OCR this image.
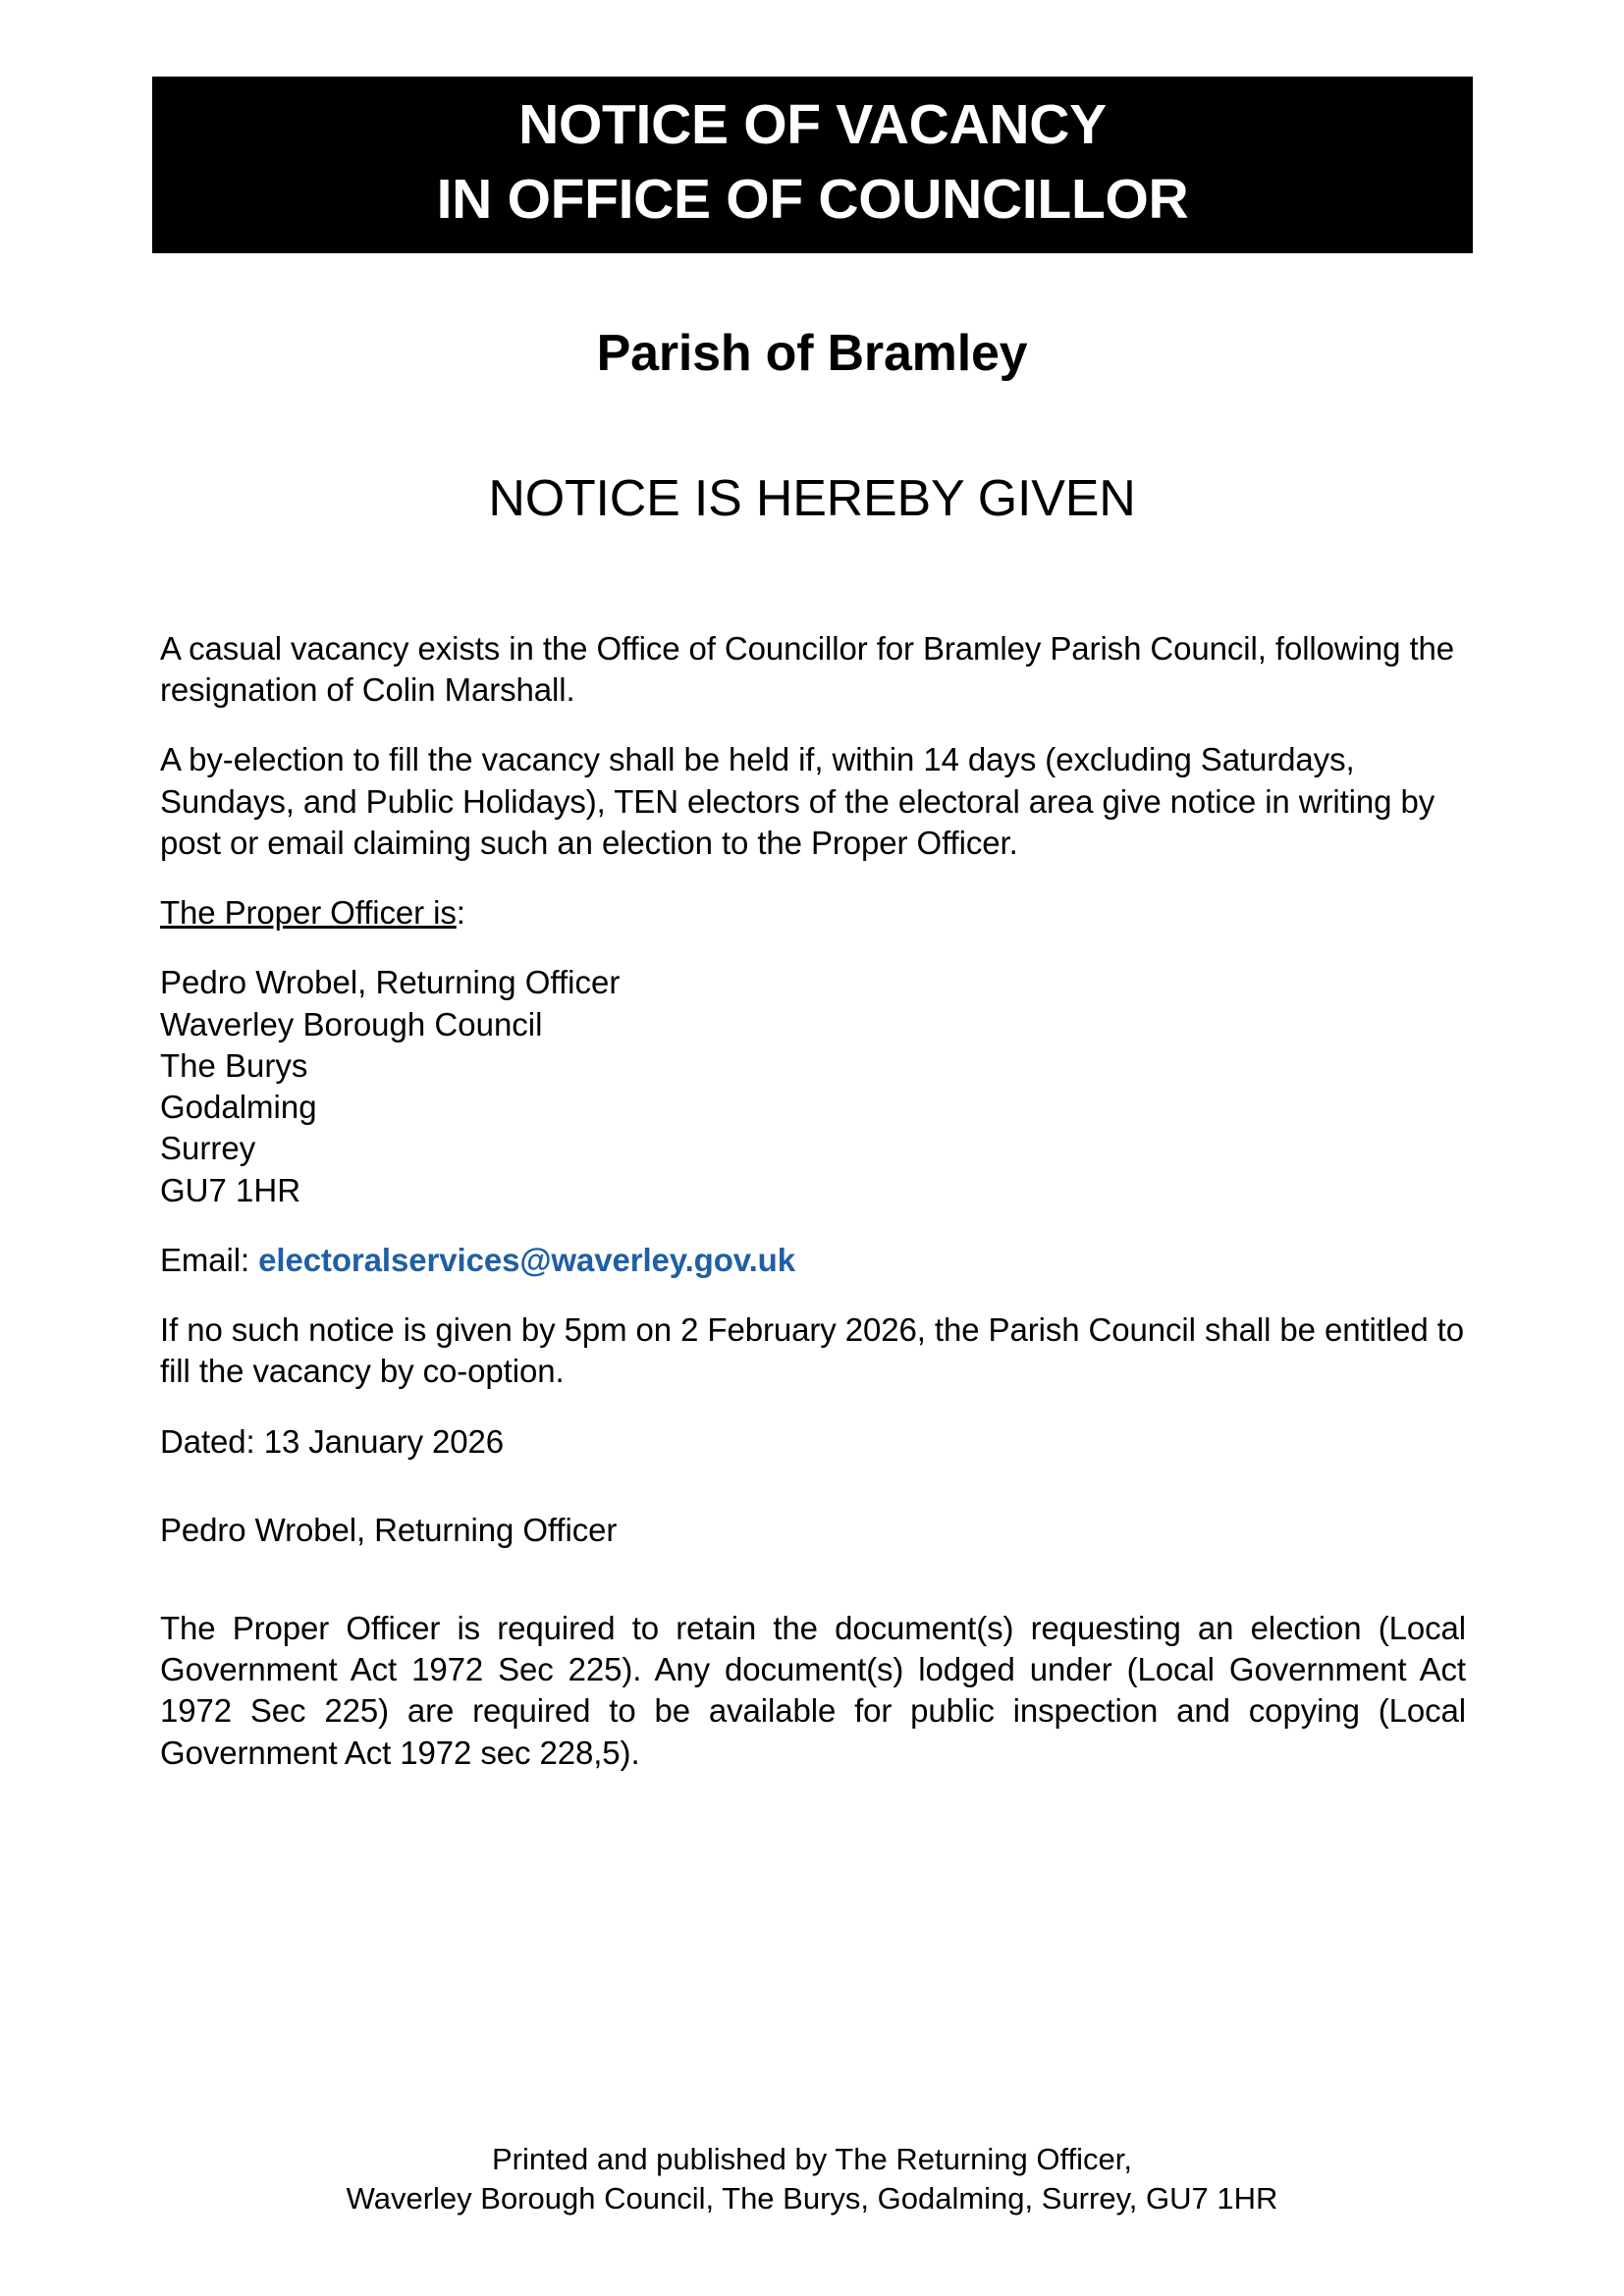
NOTICE OF VACANCY
IN OFFICE OF COUNCILLOR
Parish of Bramley
NOTICE IS HEREBY GIVEN

A casual vacancy exists in the Office of Councillor for Bramley Parish Council, following the resignation of Colin Marshall.

A by-election to fill the vacancy shall be held if, within 14 days (excluding Saturdays, Sundays, and Public Holidays), TEN electors of the electoral area give notice in writing by post or email claiming such an election to the Proper Officer.

The Proper Officer is:

Pedro Wrobel, Returning Officer
Waverley Borough Council
The Burys
Godalming
Surrey
GU7 1HR

Email: electoralservices@waverley.gov.uk

If no such notice is given by 5pm on 2 February 2026, the Parish Council shall be entitled to fill the vacancy by co-option.

Dated: 13 January 2026

Pedro Wrobel, Returning Officer

The Proper Officer is required to retain the document(s) requesting an election (Local Government Act 1972 Sec 225). Any document(s) lodged under (Local Government Act 1972 Sec 225) are required to be available for public inspection and copying (Local Government Act 1972 sec 228,5).

Printed and published by The Returning Officer,
Waverley Borough Council, The Burys, Godalming, Surrey, GU7 1HR
